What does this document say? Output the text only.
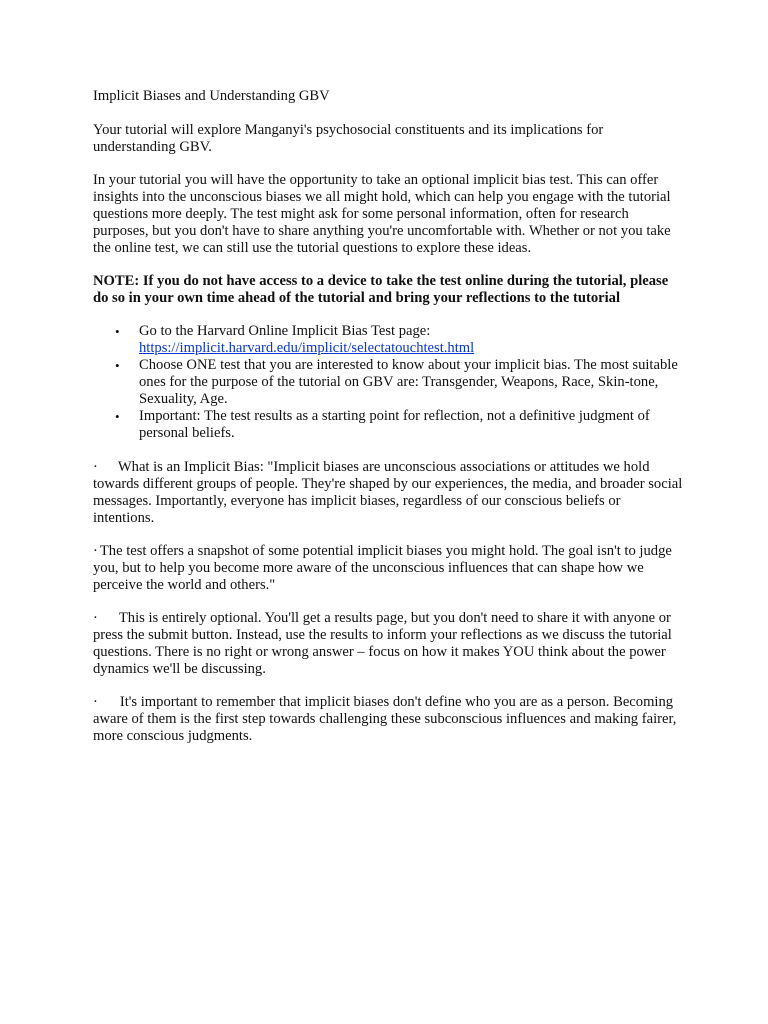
Implicit Biases and Understanding GBV

Your tutorial will explore Manganyi's psychosocial constituents and its implications for understanding GBV.

In your tutorial you will have the opportunity to take an optional implicit bias test. This can offer insights into the unconscious biases we all might hold, which can help you engage with the tutorial questions more deeply. The test might ask for some personal information, often for research purposes, but you don't have to share anything you're uncomfortable with. Whether or not you take the online test, we can still use the tutorial questions to explore these ideas.

NOTE: If you do not have access to a device to take the test online during the tutorial, please do so in your own time ahead of the tutorial and bring your reflections to the tutorial

• Go to the Harvard Online Implicit Bias Test page: https://implicit.harvard.edu/implicit/selectatouchtest.html
• Choose ONE test that you are interested to know about your implicit bias. The most suitable ones for the purpose of the tutorial on GBV are: Transgender, Weapons, Race, Skin-tone, Sexuality, Age.
• Important: The test results as a starting point for reflection, not a definitive judgment of personal beliefs.

· What is an Implicit Bias: "Implicit biases are unconscious associations or attitudes we hold towards different groups of people. They're shaped by our experiences, the media, and broader social messages. Importantly, everyone has implicit biases, regardless of our conscious beliefs or intentions.

· The test offers a snapshot of some potential implicit biases you might hold. The goal isn't to judge you, but to help you become more aware of the unconscious influences that can shape how we perceive the world and others."

· This is entirely optional. You'll get a results page, but you don't need to share it with anyone or press the submit button. Instead, use the results to inform your reflections as we discuss the tutorial questions. There is no right or wrong answer – focus on how it makes YOU think about the power dynamics we'll be discussing.

· It's important to remember that implicit biases don't define who you are as a person. Becoming aware of them is the first step towards challenging these subconscious influences and making fairer, more conscious judgments.
